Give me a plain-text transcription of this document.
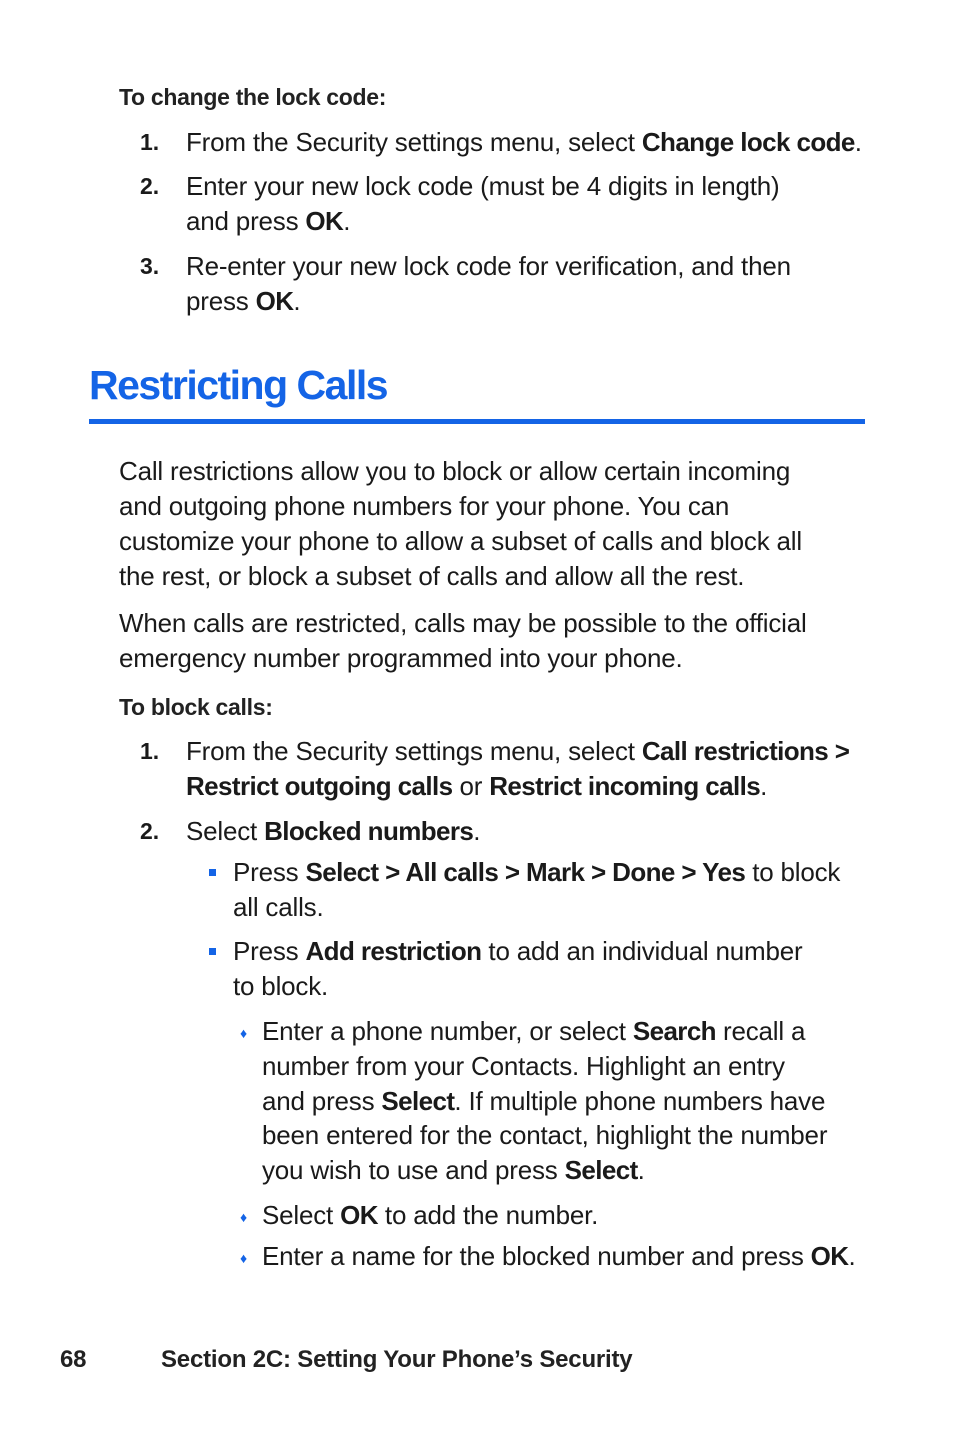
To change the lock code:
1. From the Security settings menu, select Change lock code.
2. Enter your new lock code (must be 4 digits in length)
and press OK.
3. Re-enter your new lock code for verification, and then
press OK.
Restricting Calls
Call restrictions allow you to block or allow certain incoming
and outgoing phone numbers for your phone. You can
customize your phone to allow a subset of calls and block all
the rest, or block a subset of calls and allow all the rest.
When calls are restricted, calls may be possible to the official
emergency number programmed into your phone.
To block calls:
1. From the Security settings menu, select Call restrictions >
Restrict outgoing calls or Restrict incoming calls.
2. Select Blocked numbers.
Press Select > All calls > Mark > Done > Yes to block
all calls.
Press Add restriction to add an individual number
to block.
♦ Enter a phone number, or select Search recall a
number from your Contacts. Highlight an entry
and press Select. If multiple phone numbers have
been entered for the contact, highlight the number
you wish to use and press Select.
♦ Select OK to add the number.
♦ Enter a name for the blocked number and press OK.
68	Section 2C: Setting Your Phone’s Security
